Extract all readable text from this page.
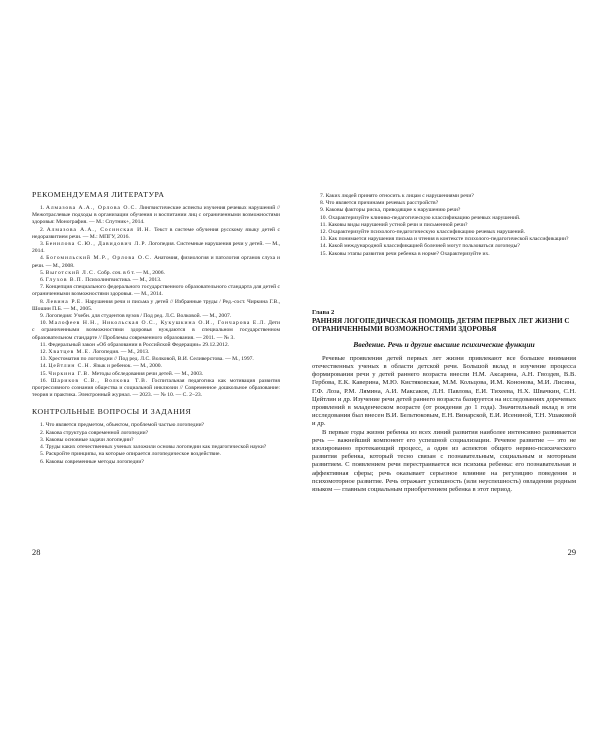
РЕКОМЕНДУЕМАЯ ЛИТЕРАТУРА
1. Алмазова А.А., Орлова О.С. Лингвистические аспекты изучения речевых нарушений // Межотраслевые подходы в организации обучения и воспитании лиц с ограниченными возможностями здоровья: Монография. — М.: Спутник+, 2014.
2. Алмазова А.А., Сосинская И.Н. Текст в системе обучения русскому языку детей с недоразвитием речи. — М.: МПГУ, 2016.
3. Бенилова С.Ю., Давидович Л.Р. Логопедия. Системные нарушения речи у детей. — М., 2014.
4. Богомильский М.Р., Орлова О.С. Анатомия, физиология и патология органов слуха и речи. — М., 2008.
5. Выготский Л.С. Собр. соч. в 6 т. — М., 2006.
6. Глухов В.П. Психолингвистика. — М., 2013.
7. Концепция специального федерального государственного образовательного стандарта для детей с ограниченными возможностями здоровья. — М., 2014.
8. Левина Р.Е. Нарушения речи и письма у детей // Избранные труды / Ред.-сост. Чиркина Г.В., Шошин П.Б. — М., 2005.
9. Логопедия: Учебн. для студентов вузов / Под ред. Л.С. Волковой. — М., 2007.
10. Малофеев Н.Н., Никольская О.С., Кукушкина О.И., Гончарова Е.Л. Дети с ограниченными возможностями здоровья нуждаются в специальном государственном образовательном стандарте // Проблемы современного образования. — 2011. — № 3.
11. Федеральный закон «Об образовании в Российской Федерации» 29.12.2012.
12. Хватцев М.Е. Логопедия. — М., 2013.
13. Хрестоматия по логопедии // Под ред. Л.С. Волковой, В.И. Селиверстова. — М., 1997.
14. Цейтлин С.Н. Язык и ребенок. — М., 2000.
15. Чиркина Г.В. Методы обследования речи детей. — М., 2003.
16. Шариков С.В., Волкова Т.В. Госпитальная педагогика как мотивация развития прогрессивного сознания общества и социальной инклюзии // Современное дошкольное образование: теория и практика. Электронный журнал. — 2023. — № 10. — С. 2−23.
КОНТРОЛЬНЫЕ ВОПРОСЫ И ЗАДАНИЯ
1. Что является предметом, объектом, проблемой частью логопедии?
2. Какова структура современной логопедии?
3. Каковы основные задачи логопедии?
4. Труды каких отечественных ученых заложили основы логопедии как педагогической науки?
5. Раскройте принципы, на которые опирается логопедическое воздействие.
6. Каковы современные методы логопедии?
28
7. Каких людей принято относить к лицам с нарушениями речи?
8. Что является причинами речевых расстройств?
9. Каковы факторы риска, приводящие к нарушению речи?
10. Охарактеризуйте клинико-педагогическую классификацию речевых нарушений.
11. Каковы виды нарушений устной речи и письменной речи?
12. Охарактеризуйте психолого-педагогическую классификацию речевых нарушений.
13. Как понимается нарушения письма и чтения в контексте психолого-педагогической классификации?
14. Какой международной классификацией болезней могут пользоваться логопеды?
15. Каковы этапы развития речи ребенка в норме? Охарактеризуйте их.

Глава 2

РАННЯЯ ЛОГОПЕДИЧЕСКАЯ ПОМОЩЬ ДЕТЯМ ПЕРВЫХ ЛЕТ ЖИЗНИ С ОГРАНИЧЕННЫМИ ВОЗМОЖНОСТЯМИ ЗДОРОВЬЯ
Введение. Речь и другие высшие психические функции

Речевые проявления детей первых лет жизни привлекают все большее внимания отечественных ученых в области детской речи. Большой вклад в изучение процесса формирования речи у детей раннего возраста внесли Н.М. Аксарина, А.Н. Гвоздев, В.В. Гербова, Е.К. Каверина, М.Ю. Кистяковская, М.М. Кольцова, И.М. Кононова, М.И. Лисина, Г.Ф. Лоза, Р.М. Лямина, А.И. Максаков, Л.Н. Павлова, Е.И. Тихеева, Н.Х. Швачкин, С.Н. Цейтлин и др. Изучение речи детей раннего возраста базируется на исследованиях доречевых проявлений в младенческом возрасте (от рождения до 1 года). Значительный вклад в эти исследования был внесен В.И. Бельтюковым, Е.Н. Винарской, Е.И. Исениной, Т.Н. Ушаковой и др.

В первые годы жизни ребенка из всех линий развития наиболее интенсивно развивается речь — важнейший компонент его успешной социализации. Речевое развитие — это не изолированно протекающий процесс, а один из аспектов общего нервно-психического развития ребенка, который тесно связан с познавательным, социальным и моторным развитием. С появлением речи перестраивается вся психика ребенка: его познавательная и аффективная сферы; речь оказывает серьезное влияние на регуляцию поведения и психомоторное развитие. Речь отражает успешность (или неуспешность) овладения родным языком — главным социальным приобретением ребенка в этот период.

29
